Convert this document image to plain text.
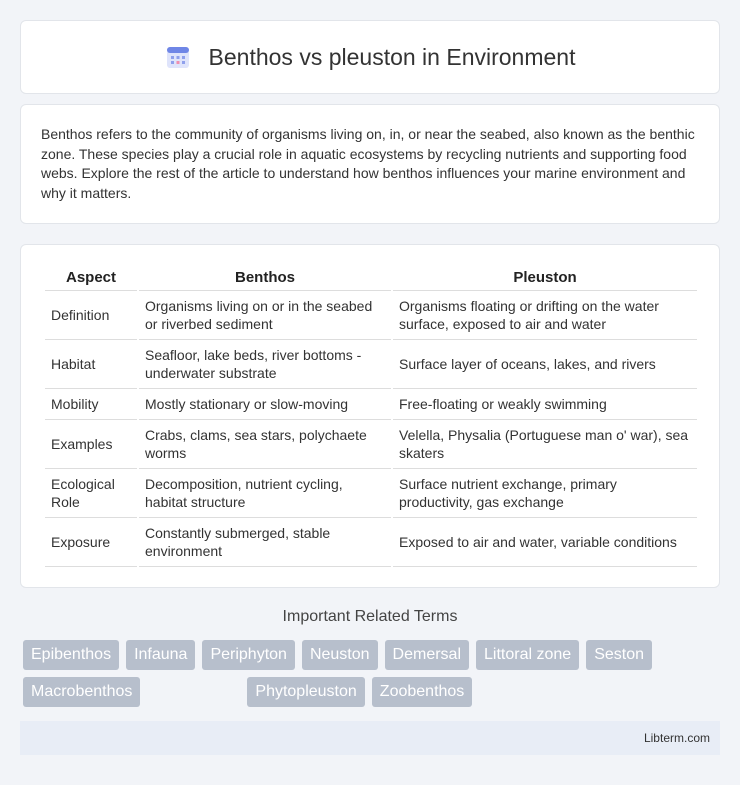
Benthos vs pleuston in Environment

Benthos refers to the community of organisms living on, in, or near the seabed, also known as the benthic zone. These species play a crucial role in aquatic ecosystems by recycling nutrients and supporting food webs. Explore the rest of the article to understand how benthos influences your marine environment and why it matters.

Aspect	Benthos	Pleuston
Definition	Organisms living on or in the seabed or riverbed sediment	Organisms floating or drifting on the water surface, exposed to air and water
Habitat	Seafloor, lake beds, river bottoms - underwater substrate	Surface layer of oceans, lakes, and rivers
Mobility	Mostly stationary or slow-moving	Free-floating or weakly swimming
Examples	Crabs, clams, sea stars, polychaete worms	Velella, Physalia (Portuguese man o' war), sea skaters
Ecological Role	Decomposition, nutrient cycling, habitat structure	Surface nutrient exchange, primary productivity, gas exchange
Exposure	Constantly submerged, stable environment	Exposed to air and water, variable conditions
Important Related Terms
Epibenthos	Infauna	Periphyton	Neuston	Demersal	Littoral zone	Seston
Macrobenthos	Phytopleuston	Zoobenthos
Libterm.com
